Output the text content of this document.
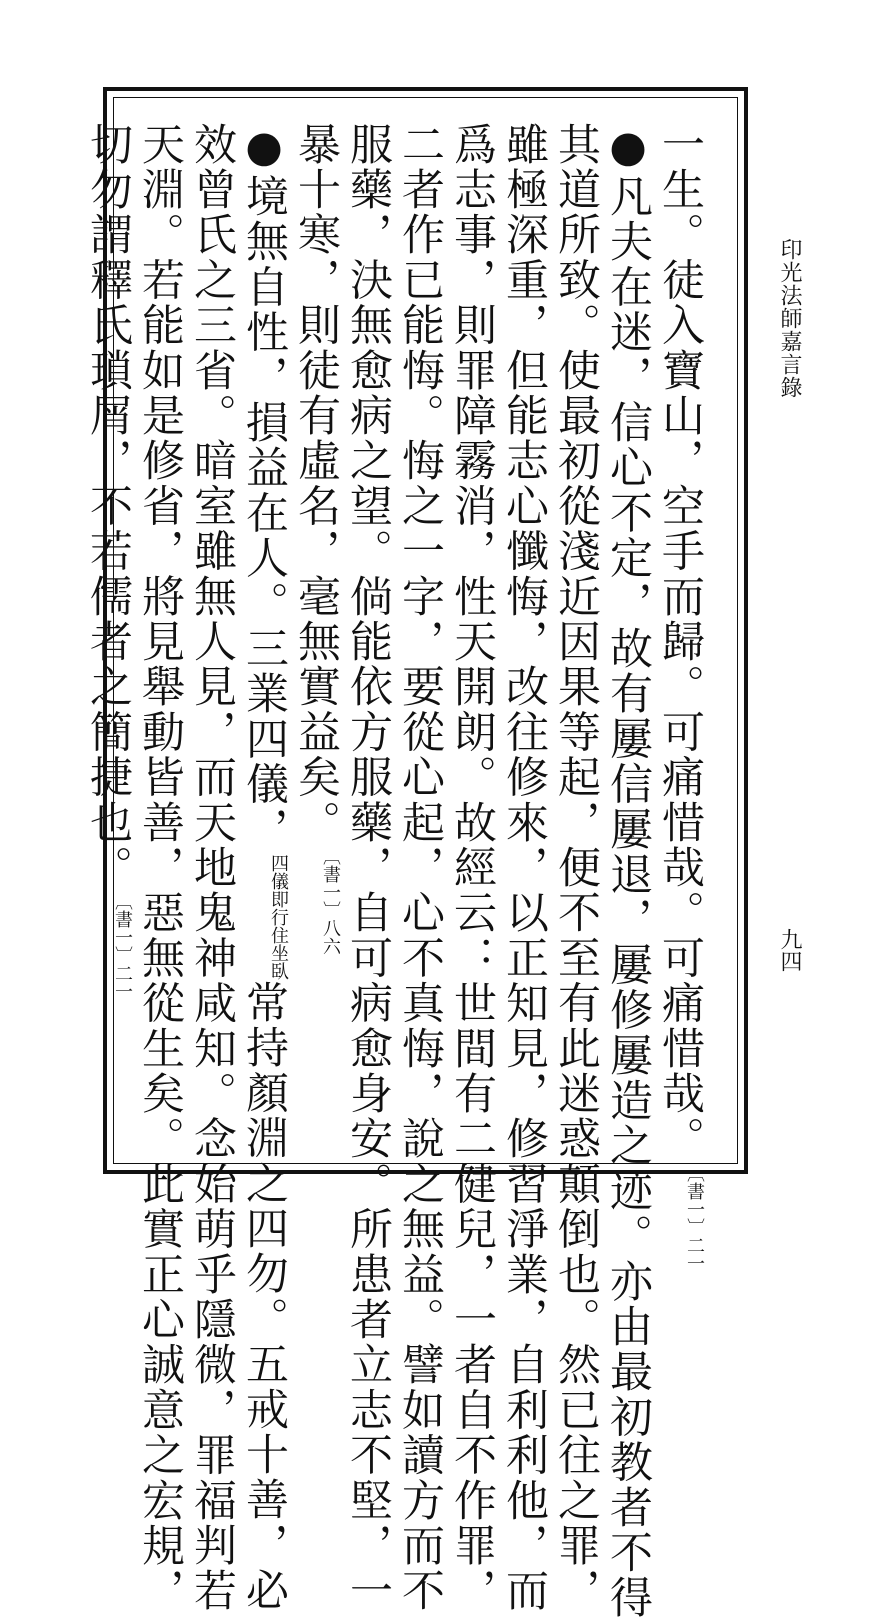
印光法師嘉言錄
九四
一生。徒入寶山，空手而歸。可痛惜哉。可痛惜哉。〔書一〕二一
●凡夫在迷，信心不定，故有屢信屢退，屢修屢造之迹。亦由最初教者不得
其道所致。使最初從淺近因果等起，便不至有此迷惑顛倒也。然已往之罪，
雖極深重，但能志心懺悔，改往修來，以正知見，修習淨業，自利利他，而
爲志事，則罪障霧消，性天開朗。故經云：世間有二健兒，一者自不作罪，
二者作已能悔。悔之一字，要從心起，心不真悔，說之無益。譬如讀方而不
服藥，決無愈病之望。倘能依方服藥，自可病愈身安。所患者立志不堅，一
暴十寒，則徒有虛名，毫無實益矣。〔書一〕八六
●境無自性，損益在人。三業四儀，四儀即行住坐臥常持顏淵之四勿。五戒十善，必
效曾氏之三省。暗室雖無人見，而天地鬼神咸知。念始萌乎隱微，罪福判若
天淵。若能如是修省，將見舉動皆善，惡無從生矣。此實正心誠意之宏規，
切勿謂釋氏瑣屑，不若儒者之簡捷也。〔書一〕二一
